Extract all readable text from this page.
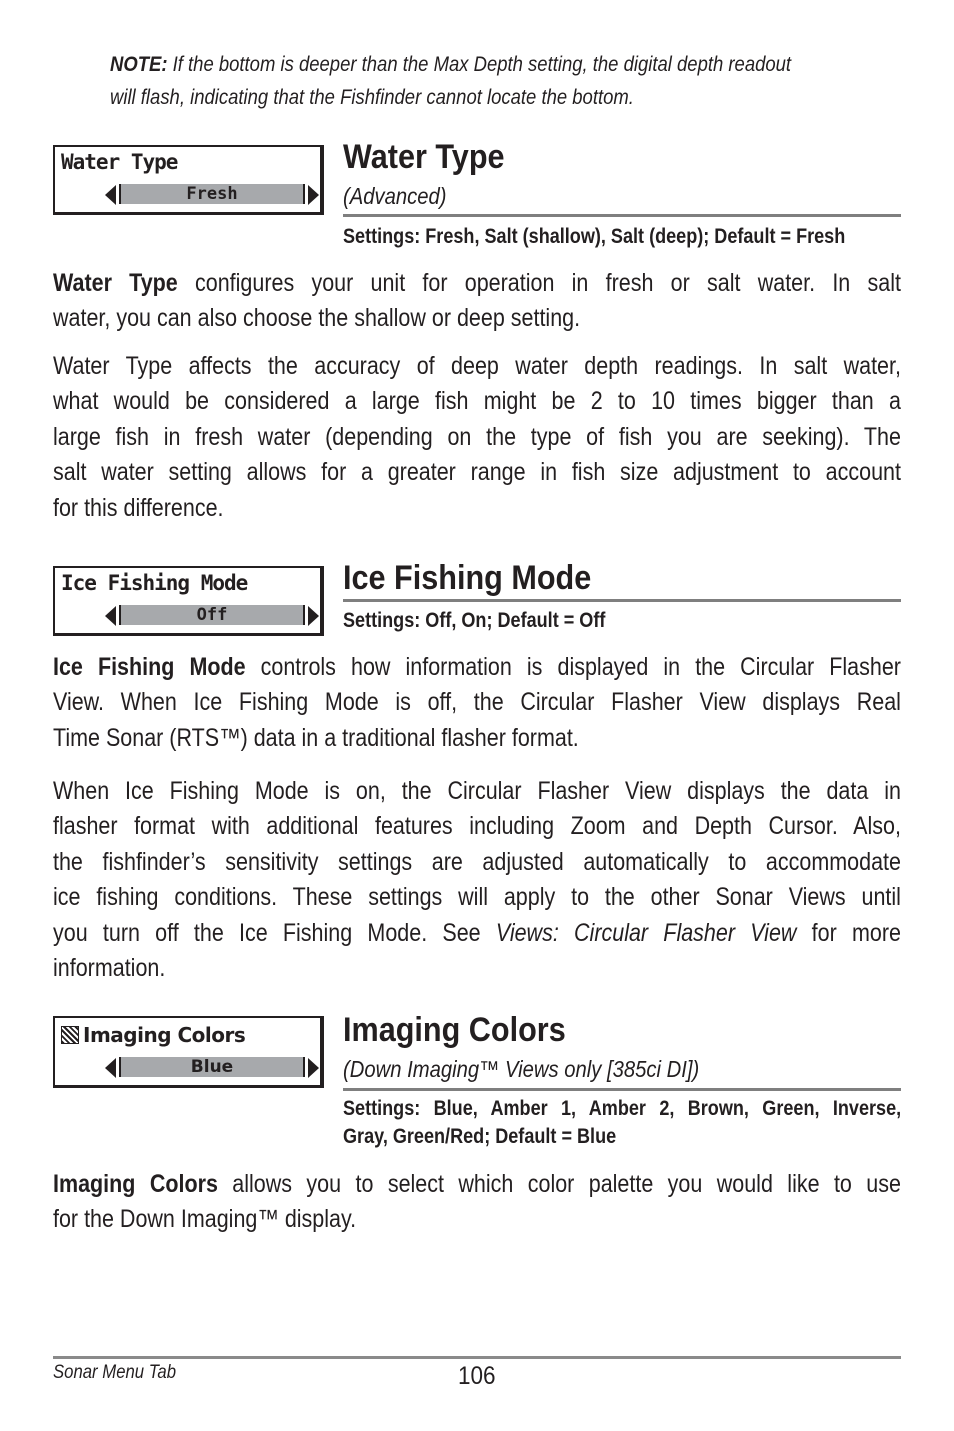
NOTE: If the bottom is deeper than the Max Depth setting, the digital depth readout
will flash, indicating that the Fishfinder cannot locate the bottom.
Water Type
Fresh
Water Type
(Advanced)
Settings: Fresh, Salt (shallow), Salt (deep); Default = Fresh
Water Type configures your unit for operation in fresh or salt water. In salt
water, you can also choose the shallow or deep setting.
Water Type affects the accuracy of deep water depth readings. In salt water,
what would be considered a large fish might be 2 to 10 times bigger than a
large fish in fresh water (depending on the type of fish you are seeking). The
salt water setting allows for a greater range in fish size adjustment to account
for this difference.
Ice Fishing Mode
Off
Ice Fishing Mode
Settings: Off, On; Default = Off
Ice Fishing Mode controls how information is displayed in the Circular Flasher
View. When Ice Fishing Mode is off, the Circular Flasher View displays Real
Time Sonar (RTS™) data in a traditional flasher format.
When Ice Fishing Mode is on, the Circular Flasher View displays the data in
flasher format with additional features including Zoom and Depth Cursor. Also,
the fishfinder’s sensitivity settings are adjusted automatically to accommodate
ice fishing conditions. These settings will apply to the other Sonar Views until
you turn off the Ice Fishing Mode. See Views: Circular Flasher View for more
information.
Imaging Colors
Blue
Imaging Colors
(Down Imaging™ Views only [385ci DI])
Settings: Blue, Amber 1, Amber 2, Brown, Green, Inverse,
Gray, Green/Red; Default = Blue
Imaging Colors allows you to select which color palette you would like to use
for the Down Imaging™ display.
Sonar Menu Tab	106
